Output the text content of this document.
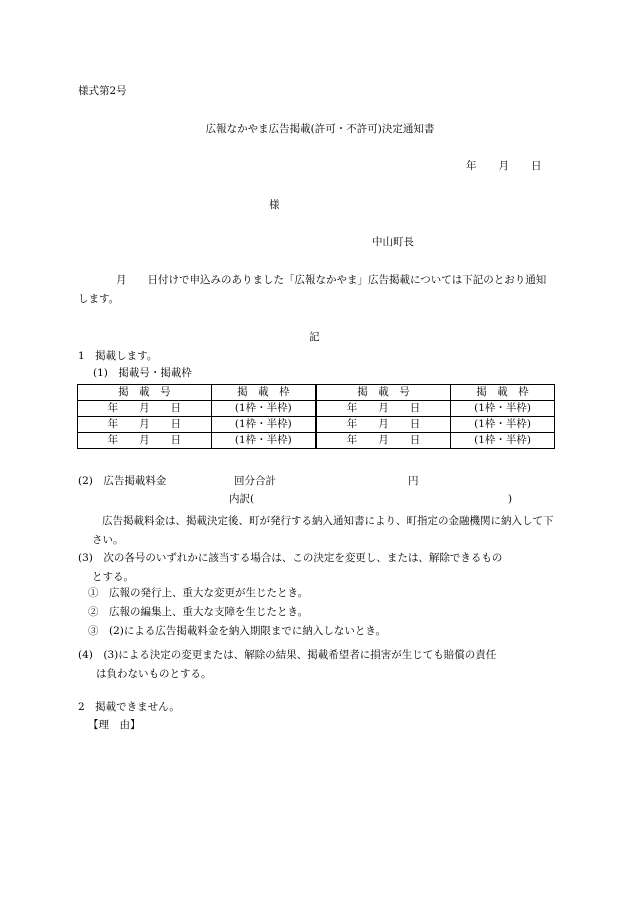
様式第2号
広報なかやま広告掲載(許可・不許可)決定通知書
年 月 日
様
中山町長
月　　日付けで申込みのありました「広報なかやま」広告掲載については下記のとおり通知します。
記
1　掲載します。
(1)　掲載号・掲載枠
掲　載　号	掲　載　枠	掲　載　号	掲　載　枠
年　　月　　日	(1枠・半枠)	年　　月　　日	(1枠・半枠)
年　　月　　日	(1枠・半枠)	年　　月　　日	(1枠・半枠)
年　　月　　日	(1枠・半枠)	年　　月　　日	(1枠・半枠)
(2)　広告掲載料金	回分合計	円
内訳(	)
広告掲載料金は、掲載決定後、町が発行する納入通知書により、町指定の金融機関に納入して下さい。
(3)　次の各号のいずれかに該当する場合は、この決定を変更し、または、解除できるもの
とする。
①　広報の発行上、重大な変更が生じたとき。
②　広報の編集上、重大な支障を生じたとき。
③　(2)による広告掲載料金を納入期限までに納入しないとき。
(4)　(3)による決定の変更または、解除の結果、掲載希望者に損害が生じても賠償の責任
は負わないものとする。
2　掲載できません。
【理　由】
